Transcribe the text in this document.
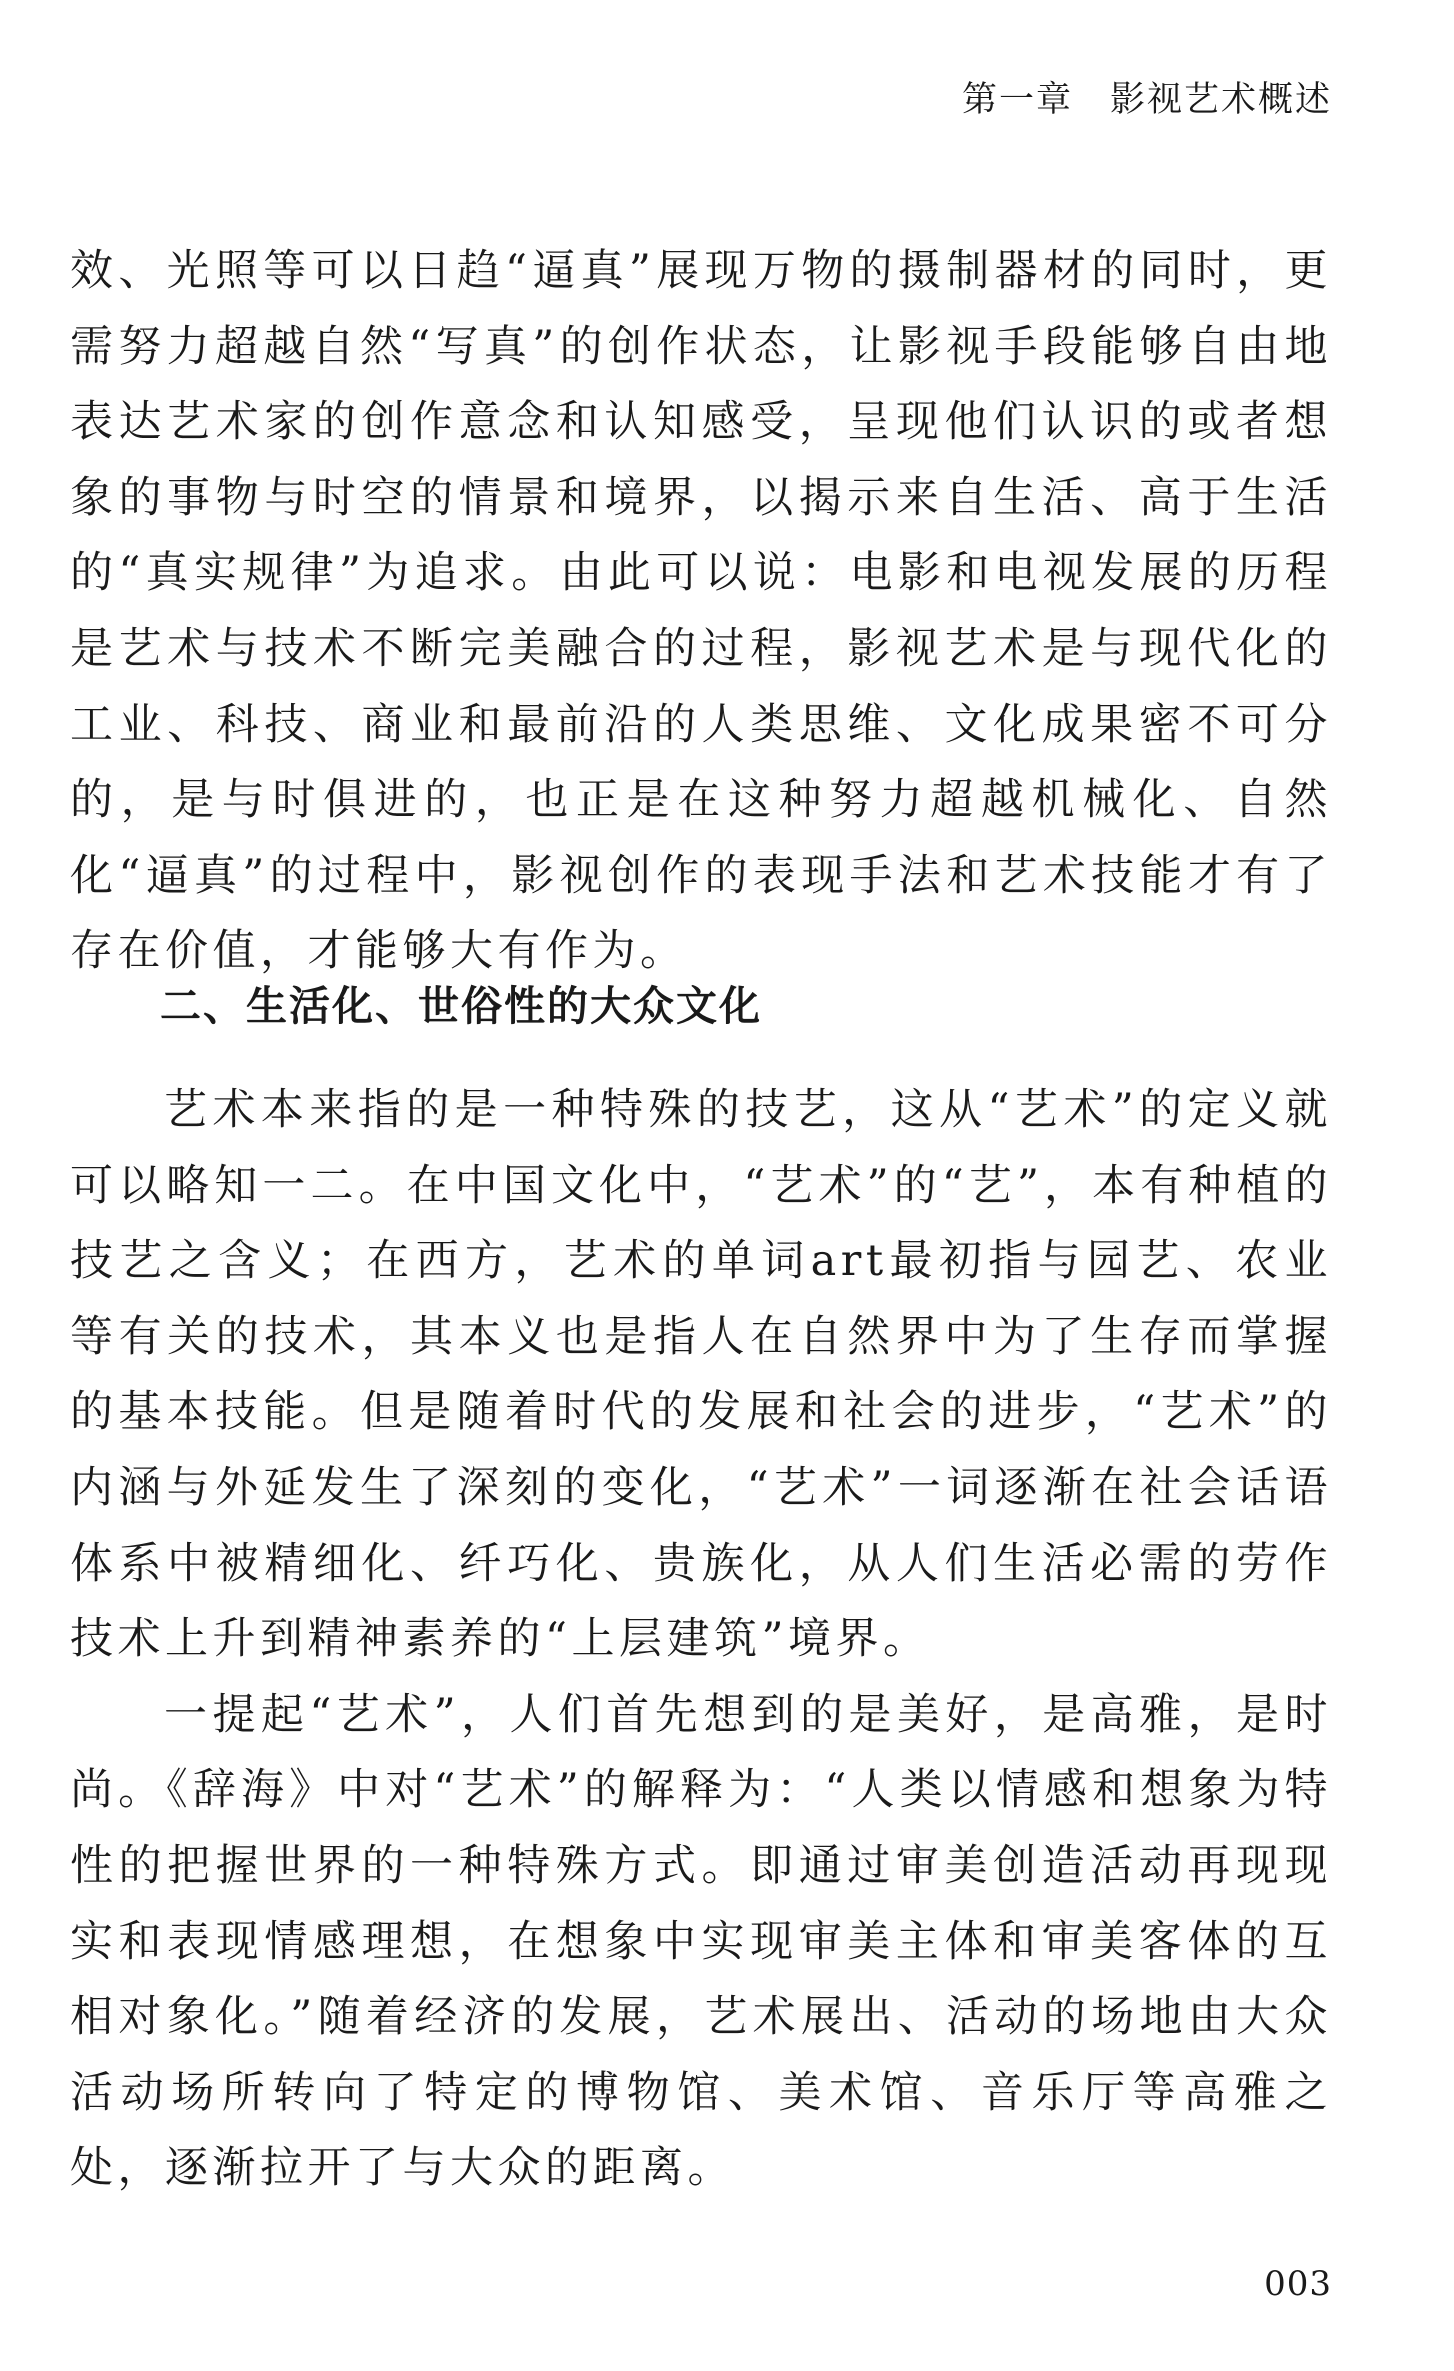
第一章　影视艺术概述

效、光照等可以日趋“逼真”展现万物的摄制器材的同时，更需努力超越自然“写真”的创作状态，让影视手段能够自由地表达艺术家的创作意念和认知感受，呈现他们认识的或者想象的事物与时空的情景和境界，以揭示来自生活、高于生活的“真实规律”为追求。由此可以说：电影和电视发展的历程是艺术与技术不断完美融合的过程，影视艺术是与现代化的工业、科技、商业和最前沿的人类思维、文化成果密不可分的，是与时俱进的，也正是在这种努力超越机械化、自然化“逼真”的过程中，影视创作的表现手法和艺术技能才有了存在价值，才能够大有作为。

二、生活化、世俗性的大众文化

艺术本来指的是一种特殊的技艺，这从“艺术”的定义就可以略知一二。在中国文化中，“艺术”的“艺”，本有种植的技艺之含义；在西方，艺术的单词art最初指与园艺、农业等有关的技术，其本义也是指人在自然界中为了生存而掌握的基本技能。但是随着时代的发展和社会的进步，“艺术”的内涵与外延发生了深刻的变化，“艺术”一词逐渐在社会话语体系中被精细化、纤巧化、贵族化，从人们生活必需的劳作技术上升到精神素养的“上层建筑”境界。

一提起“艺术”，人们首先想到的是美好，是高雅，是时尚。《辞海》中对“艺术”的解释为：“人类以情感和想象为特性的把握世界的一种特殊方式。即通过审美创造活动再现现实和表现情感理想，在想象中实现审美主体和审美客体的互相对象化。”随着经济的发展，艺术展出、活动的场地由大众活动场所转向了特定的博物馆、美术馆、音乐厅等高雅之处，逐渐拉开了与大众的距离。

003
